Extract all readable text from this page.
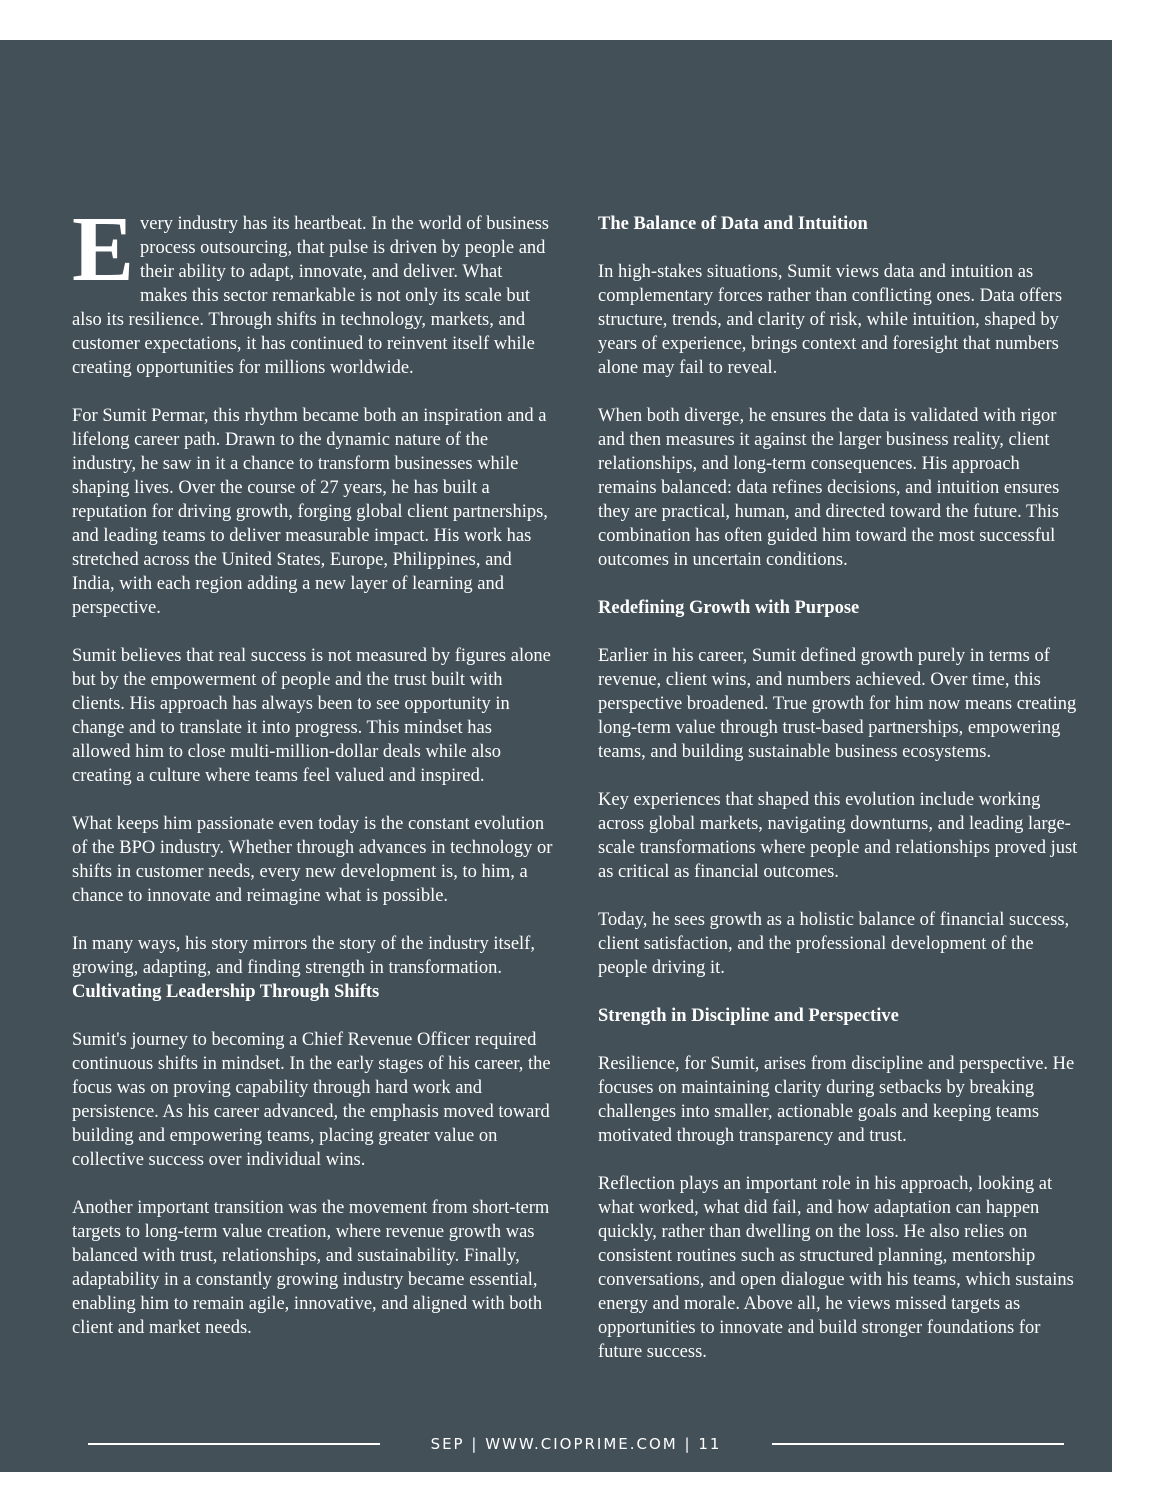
Every industry has its heartbeat. In the world of business process outsourcing, that pulse is driven by people and their ability to adapt, innovate, and deliver. What makes this sector remarkable is not only its scale but also its resilience. Through shifts in technology, markets, and customer expectations, it has continued to reinvent itself while creating opportunities for millions worldwide.

For Sumit Permar, this rhythm became both an inspiration and a lifelong career path. Drawn to the dynamic nature of the industry, he saw in it a chance to transform businesses while shaping lives. Over the course of 27 years, he has built a reputation for driving growth, forging global client partnerships, and leading teams to deliver measurable impact. His work has stretched across the United States, Europe, Philippines, and India, with each region adding a new layer of learning and perspective.

Sumit believes that real success is not measured by figures alone but by the empowerment of people and the trust built with clients. His approach has always been to see opportunity in change and to translate it into progress. This mindset has allowed him to close multi-million-dollar deals while also creating a culture where teams feel valued and inspired.

What keeps him passionate even today is the constant evolution of the BPO industry. Whether through advances in technology or shifts in customer needs, every new development is, to him, a chance to innovate and reimagine what is possible.

In many ways, his story mirrors the story of the industry itself, growing, adapting, and finding strength in transformation.

Cultivating Leadership Through Shifts

Sumit's journey to becoming a Chief Revenue Officer required continuous shifts in mindset. In the early stages of his career, the focus was on proving capability through hard work and persistence. As his career advanced, the emphasis moved toward building and empowering teams, placing greater value on collective success over individual wins.

Another important transition was the movement from short-term targets to long-term value creation, where revenue growth was balanced with trust, relationships, and sustainability. Finally, adaptability in a constantly growing industry became essential, enabling him to remain agile, innovative, and aligned with both client and market needs.

The Balance of Data and Intuition

In high-stakes situations, Sumit views data and intuition as complementary forces rather than conflicting ones. Data offers structure, trends, and clarity of risk, while intuition, shaped by years of experience, brings context and foresight that numbers alone may fail to reveal.

When both diverge, he ensures the data is validated with rigor and then measures it against the larger business reality, client relationships, and long-term consequences. His approach remains balanced: data refines decisions, and intuition ensures they are practical, human, and directed toward the future. This combination has often guided him toward the most successful outcomes in uncertain conditions.

Redefining Growth with Purpose

Earlier in his career, Sumit defined growth purely in terms of revenue, client wins, and numbers achieved. Over time, this perspective broadened. True growth for him now means creating long-term value through trust-based partnerships, empowering teams, and building sustainable business ecosystems.

Key experiences that shaped this evolution include working across global markets, navigating downturns, and leading large-scale transformations where people and relationships proved just as critical as financial outcomes.

Today, he sees growth as a holistic balance of financial success, client satisfaction, and the professional development of the people driving it.

Strength in Discipline and Perspective

Resilience, for Sumit, arises from discipline and perspective. He focuses on maintaining clarity during setbacks by breaking challenges into smaller, actionable goals and keeping teams motivated through transparency and trust.

Reflection plays an important role in his approach, looking at what worked, what did fail, and how adaptation can happen quickly, rather than dwelling on the loss. He also relies on consistent routines such as structured planning, mentorship conversations, and open dialogue with his teams, which sustains energy and morale. Above all, he views missed targets as opportunities to innovate and build stronger foundations for future success.

SEP | WWW.CIOPRIME.COM | 11
